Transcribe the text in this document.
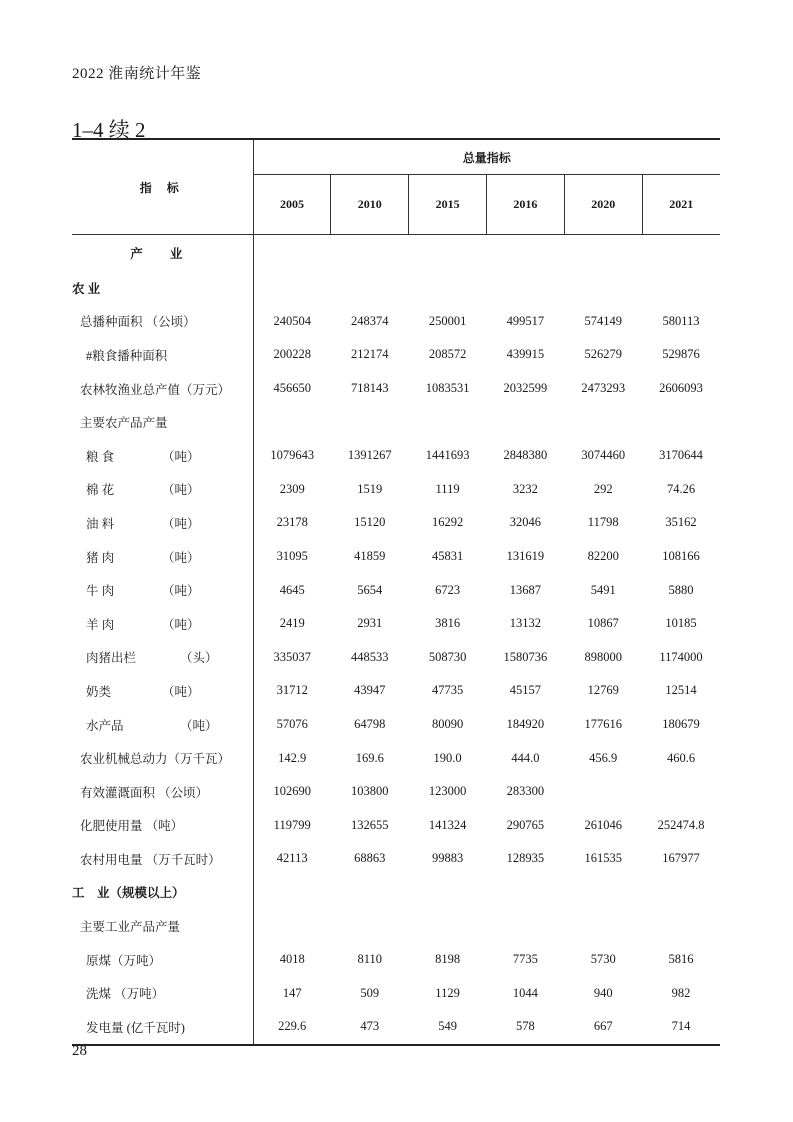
2022 淮南统计年鉴
1–4 续 2
指 标	总量指标					
	2005	2010	2015	2016	2020	2021

产 业						

农 业						
总播种面积 （公顷）	240504	248374	250001	499517	574149	580113
#粮食播种面积	200228	212174	208572	439915	526279	529876
农林牧渔业总产值（万元）	456650	718143	1083531	2032599	2473293	2606093
主要农产品产量						
粮 食 （吨）	1079643	1391267	1441693	2848380	3074460	3170644
棉 花 （吨）	2309	1519	1119	3232	292	74.26
油 料 （吨）	23178	15120	16292	32046	11798	35162
猪 肉 （吨）	31095	41859	45831	131619	82200	108166
牛 肉 （吨）	4645	5654	6723	13687	5491	5880
羊 肉 （吨）	2419	2931	3816	13132	10867	10185
肉猪出栏 （头）	335037	448533	508730	1580736	898000	1174000
奶类 （吨）	31712	43947	47735	45157	12769	12514
水产品 （吨）	57076	64798	80090	184920	177616	180679
农业机械总动力（万千瓦）	142.9	169.6	190.0	444.0	456.9	460.6
有效灌溉面积 （公顷）	102690	103800	123000	283300		
化肥使用量 （吨）	119799	132655	141324	290765	261046	252474.8
农村用电量 （万千瓦时）	42113	68863	99883	128935	161535	167977
工　业（规模以上）						
主要工业产品产量						
原煤（万吨）	4018	8110	8198	7735	5730	5816
洗煤 （万吨）	147	509	1129	1044	940	982
发电量 (亿千瓦时)	229.6	473	549	578	667	714
28
